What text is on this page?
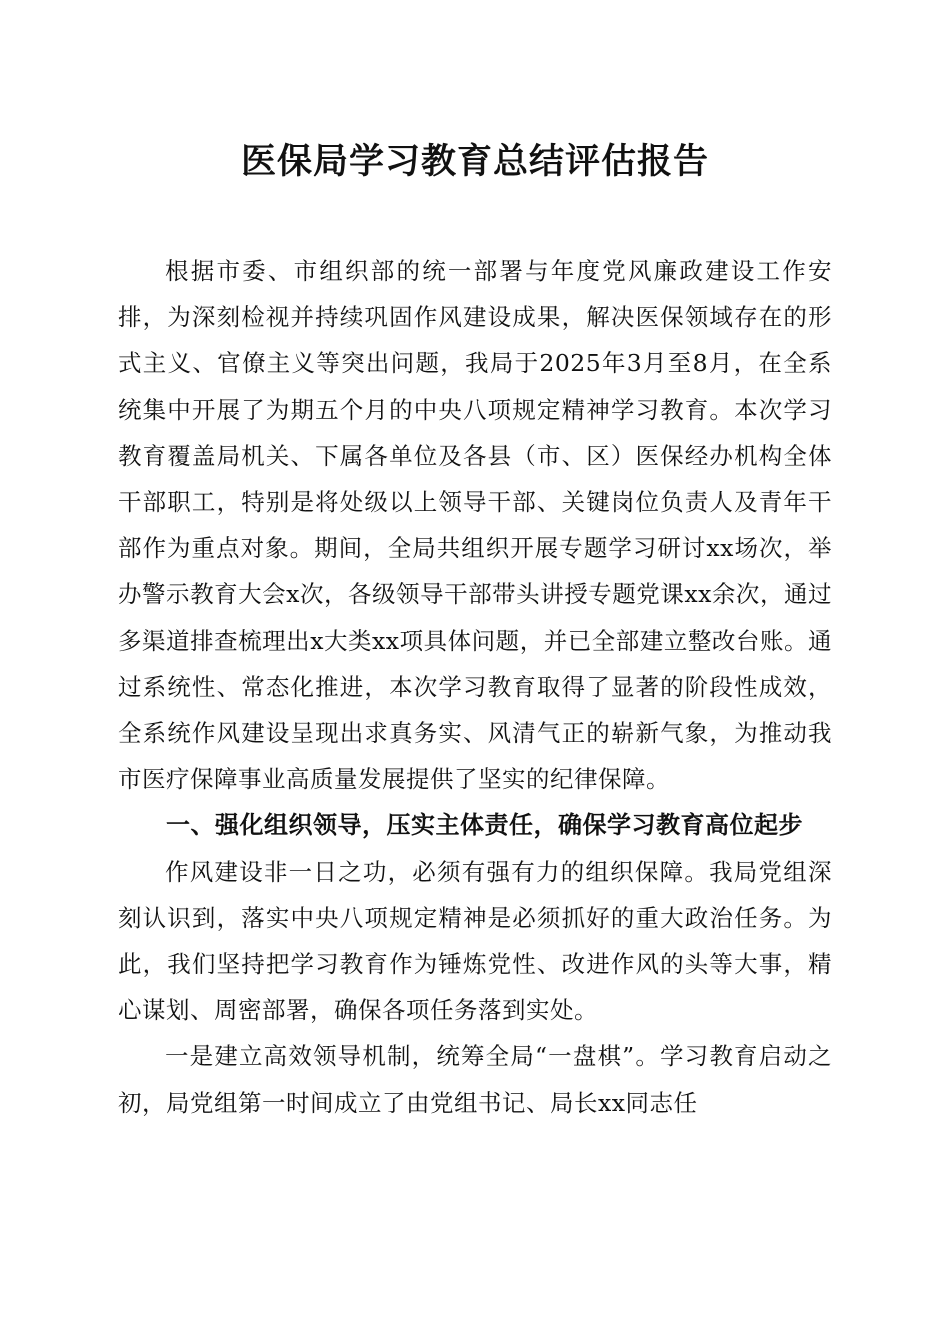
医保局学习教育总结评估报告

根据市委、市组织部的统一部署与年度党风廉政建设工作安排，为深刻检视并持续巩固作风建设成果，解决医保领域存在的形式主义、官僚主义等突出问题，我局于2025年3月至8月，在全系统集中开展了为期五个月的中央八项规定精神学习教育。本次学习教育覆盖局机关、下属各单位及各县（市、区）医保经办机构全体干部职工，特别是将处级以上领导干部、关键岗位负责人及青年干部作为重点对象。期间，全局共组织开展专题学习研讨xx场次，举办警示教育大会x次，各级领导干部带头讲授专题党课xx余次，通过多渠道排查梳理出x大类xx项具体问题，并已全部建立整改台账。通过系统性、常态化推进，本次学习教育取得了显著的阶段性成效，全系统作风建设呈现出求真务实、风清气正的崭新气象，为推动我市医疗保障事业高质量发展提供了坚实的纪律保障。

一、强化组织领导，压实主体责任，确保学习教育高位起步

作风建设非一日之功，必须有强有力的组织保障。我局党组深刻认识到，落实中央八项规定精神是必须抓好的重大政治任务。为此，我们坚持把学习教育作为锤炼党性、改进作风的头等大事，精心谋划、周密部署，确保各项任务落到实处。

一是建立高效领导机制，统筹全局“一盘棋”。学习教育启动之初，局党组第一时间成立了由党组书记、局长xx同志任
